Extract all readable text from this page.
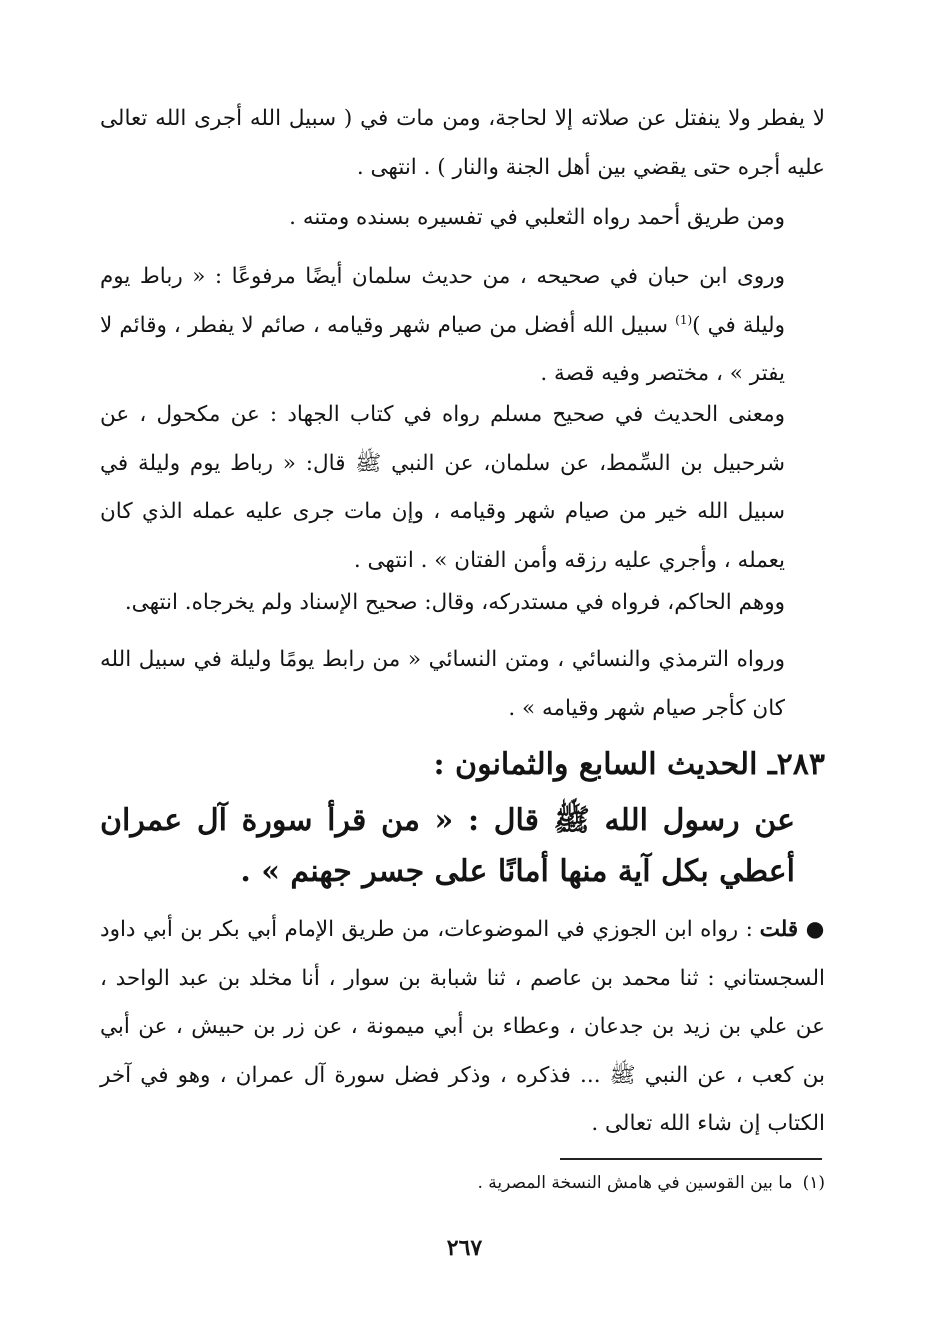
لا يفطر ولا ينفتل عن صلاته إلا لحاجة، ومن مات في ( سبيل الله أجرى الله تعالى عليه أجره حتى يقضي بين أهل الجنة والنار ) . انتهى .

ومن طريق أحمد رواه الثعلبي في تفسيره بسنده ومتنه .

وروى ابن حبان في صحيحه ، من حديث سلمان أيضًا مرفوعًا : « رباط يوم وليلة في )$^{(1)}$ سبيل الله أفضل من صيام شهر وقيامه ، صائم لا يفطر ، وقائم لا يفتر » ، مختصر وفيه قصة .

ومعنى الحديث في صحيح مسلم رواه في كتاب الجهاد : عن مكحول ، عن شرحبيل بن السِّمط، عن سلمان، عن النبي ﷺ قال: « رباط يوم وليلة في سبيل الله خير من صيام شهر وقيامه ، وإن مات جرى عليه عمله الذي كان يعمله ، وأجري عليه رزقه وأمن الفتان » . انتهى .

ووهم الحاكم، فرواه في مستدركه، وقال: صحيح الإسناد ولم يخرجاه. انتهى.

ورواه الترمذي والنسائي ، ومتن النسائي « من رابط يومًا وليلة في سبيل الله كان كأجر صيام شهر وقيامه » .

٢٨٣ـ الحديث السابع والثمانون :

عن رسول الله ﷺ قال : « من قرأ سورة آل عمران أعطي بكل آية منها أمانًا على جسر جهنم » .

● قلت : رواه ابن الجوزي في الموضوعات، من طريق الإمام أبي بكر بن أبي داود السجستاني : ثنا محمد بن عاصم ، ثنا شبابة بن سوار ، أنا مخلد بن عبد الواحد ، عن علي بن زيد بن جدعان ، وعطاء بن أبي ميمونة ، عن زر بن حبيش ، عن أبي بن كعب ، عن النبي ﷺ ... فذكره ، وذكر فضل سورة آل عمران ، وهو في آخر الكتاب إن شاء الله تعالى .

(١)ما بين القوسين في هامش النسخة المصرية .

٢٦٧
